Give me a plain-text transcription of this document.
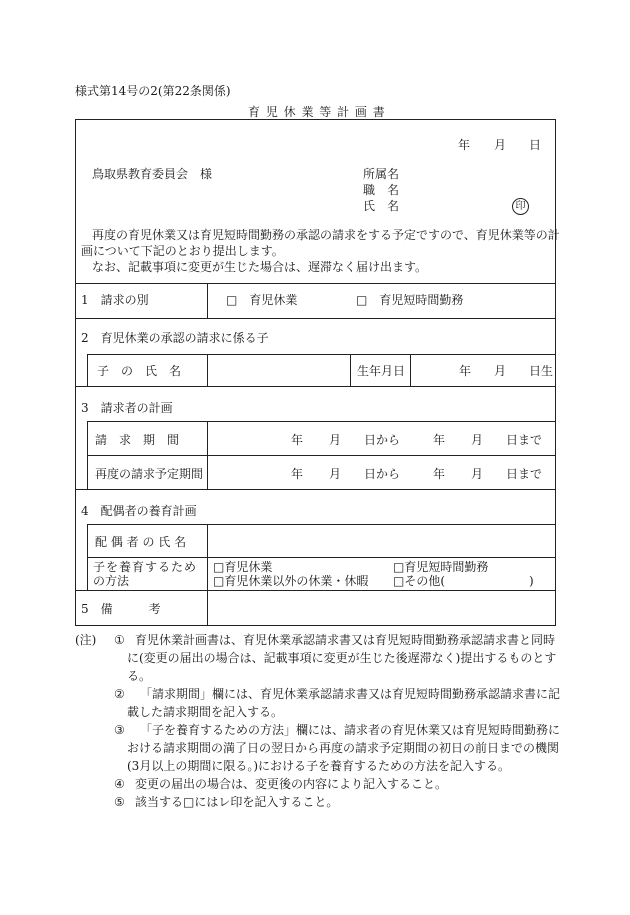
様式第14号の2(第22条関係)
育 児 休 業 等 計 画 書
年 月 日
鳥取県教育委員会　様	所属名
職　名
氏　名	印
再度の育児休業又は育児短時間勤務の承認の請求をする予定ですので、育児休業等の計
画について下記のとおり提出します。
なお、記載事項に変更が生じた場合は、遅滞なく届け出ます。
1　請求の別	□　育児休業	□　育児短時間勤務
2　育児休業の承認の請求に係る子
子　の　氏　名	生年月日	年 月 日生
3　請求者の計画
請　求　期　間	年 月 日から	年 月 日まで
再度の請求予定期間	年 月 日から	年 月 日まで
4　配偶者の養育計画
配 偶 者 の 氏 名
子を養育するため
の方法
□育児休業	□育児短時間勤務
□育児休業以外の休業・休暇 □その他(　　　　　　　)
5　備　　　考
(注) ① 育児休業計画書は、育児休業承認請求書又は育児短時間勤務承認請求書と同時
に(変更の届出の場合は、記載事項に変更が生じた後遅滞なく)提出するものとす
る。
② 「請求期間」欄には、育児休業承認請求書又は育児短時間勤務承認請求書に記
載した請求期間を記入する。
③ 「子を養育するための方法」欄には、請求者の育児休業又は育児短時間勤務に
おける請求期間の満了日の翌日から再度の請求予定期間の初日の前日までの機関
(3月以上の期間に限る。)における子を養育するための方法を記入する。
④ 変更の届出の場合は、変更後の内容により記入すること。
⑤ 該当する□にはレ印を記入すること。
